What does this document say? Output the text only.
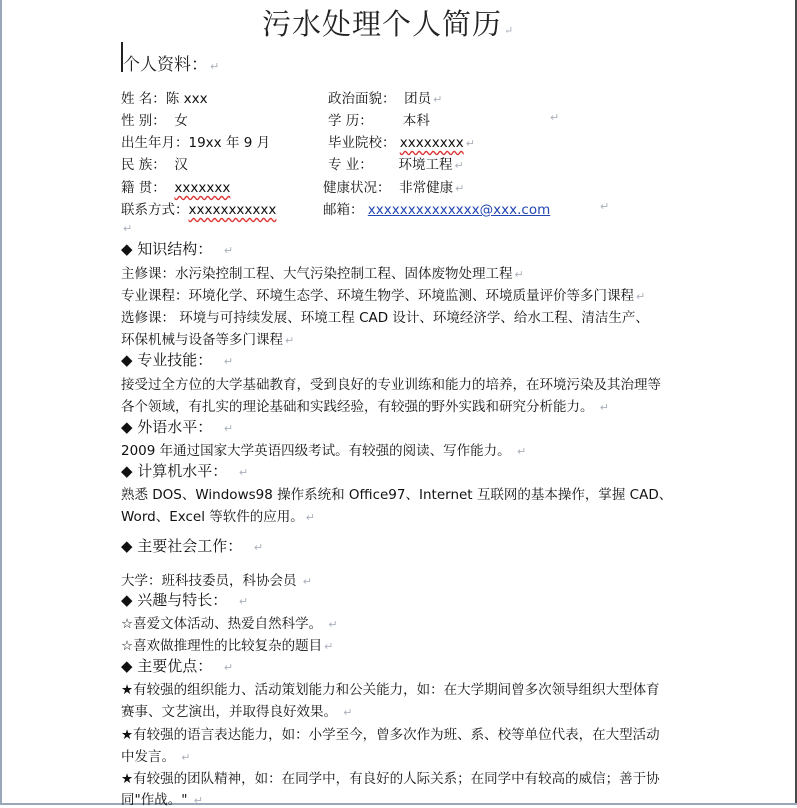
污水处理个人简历 ↵
个人资料： ↵
姓 名：陈 xxx	政治面貌： 团员 ↵
性 别： 女	学 历： 本科	↵
出生年月：19xx 年 9 月	毕业院校： xxxxxxxx ↵
民 族： 汉	专 业： 环境工程 ↵
籍 贯： xxxxxxx	健康状况： 非常健康 ↵
联系方式：xxxxxxxxxxx	邮箱： xxxxxxxxxxxxxx@xxx.com	↵
↵
◆ 知识结构： ↵
主修课：水污染控制工程、大气污染控制工程、固体废物处理工程 ↵
专业课程：环境化学、环境生态学、环境生物学、环境监测、环境质量评价等多门课程 ↵
选修课： 环境与可持续发展、环境工程 CAD 设计、环境经济学、给水工程、清洁生产、
环保机械与设备等多门课程 ↵
◆ 专业技能： ↵
接受过全方位的大学基础教育，受到良好的专业训练和能力的培养，在环境污染及其治理等
各个领域，有扎实的理论基础和实践经验，有较强的野外实践和研究分析能力。 ↵
◆ 外语水平： ↵
2009 年通过国家大学英语四级考试。有较强的阅读、写作能力。 ↵
◆ 计算机水平： ↵
熟悉 DOS、Windows98 操作系统和 Office97、Internet 互联网的基本操作，掌握 CAD、
Word、Excel 等软件的应用。 ↵
◆ 主要社会工作： ↵
大学：班科技委员，科协会员 ↵
◆ 兴趣与特长： ↵
☆喜爱文体活动、热爱自然科学。 ↵
☆喜欢做推理性的比较复杂的题目 ↵
◆ 主要优点： ↵
★有较强的组织能力、活动策划能力和公关能力，如：在大学期间曾多次领导组织大型体育
赛事、文艺演出，并取得良好效果。 ↵
★有较强的语言表达能力，如：小学至今，曾多次作为班、系、校等单位代表，在大型活动
中发言。 ↵
★有较强的团队精神，如：在同学中，有良好的人际关系；在同学中有较高的威信；善于协
同"作战。" ↵
